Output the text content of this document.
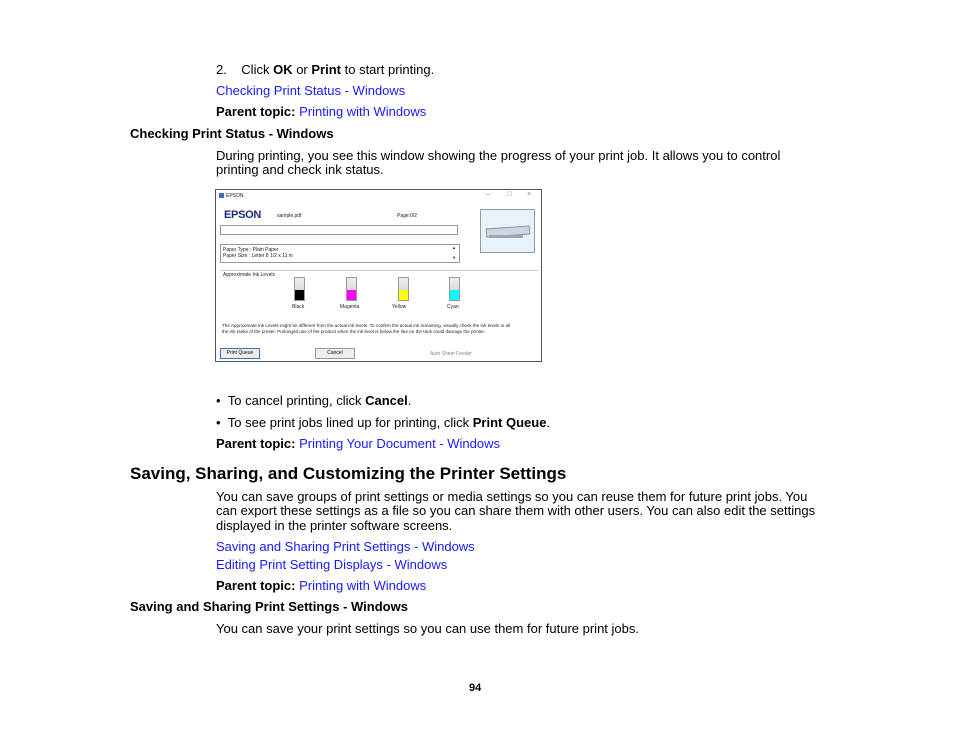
2.    Click OK or Print to start printing.
Checking Print Status - Windows
Parent topic: Printing with Windows
Checking Print Status - Windows
During printing, you see this window showing the progress of your print job. It allows you to control
printing and check ink status.
EPSON	– □ ×
EPSON	sample.pdf	Page:0/2
Paper Type : Plain Paper
Paper Size : Letter 8 1/2 x 11 in
▲
▼
Approximate Ink Levels
The Approximate Ink Levels might be different from the actual ink levels. To confirm the actual ink remaining, visually check the ink levels in all
the ink tanks of the printer. Prolonged use of the product when the ink level is below the line on the tank could damage the printer.
Print Queue	Cancel	Auto Sheet Feeder
Black	Magenta	Yellow	Cyan
• To cancel printing, click Cancel.
• To see print jobs lined up for printing, click Print Queue.
Parent topic: Printing Your Document - Windows
Saving, Sharing, and Customizing the Printer Settings
You can save groups of print settings or media settings so you can reuse them for future print jobs. You
can export these settings as a file so you can share them with other users. You can also edit the settings
displayed in the printer software screens.
Saving and Sharing Print Settings - Windows
Editing Print Setting Displays - Windows
Parent topic: Printing with Windows
Saving and Sharing Print Settings - Windows
You can save your print settings so you can use them for future print jobs.
94
